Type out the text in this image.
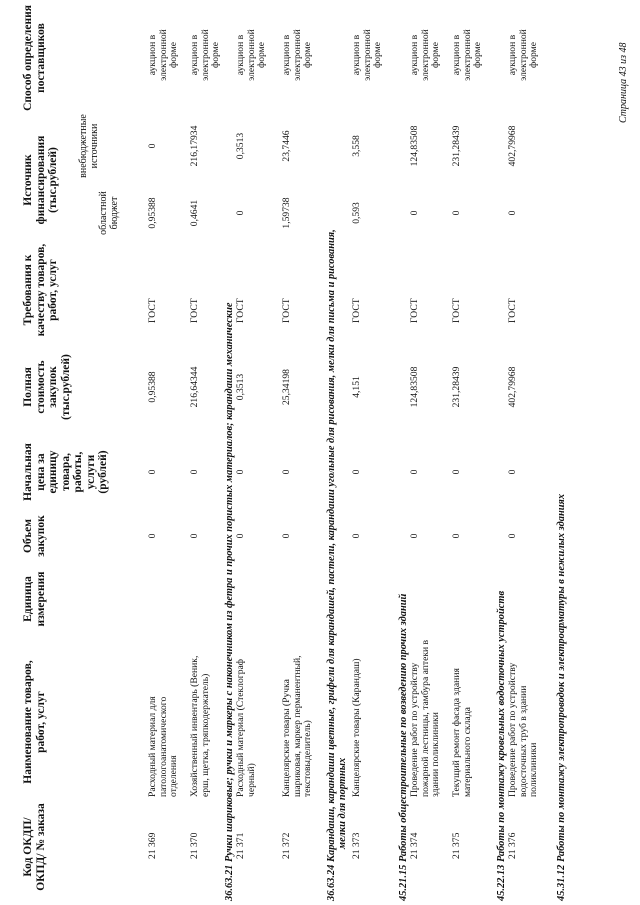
Код ОКДП/ ОКПД/ № заказа
Наименование товаров, работ, услуг
Единица измерения
Объем закупок
Начальная цена за единицу товара, работы, услуги (рублей)
Полная стоимость закупок (тыс.рублей)
Требования к качеству товаров, работ, услуг
Источник финансирования (тыс.рублей)
областной бюджет
внебюджетные источники
Способ определения поставщиков
21 369
Расходный материал для патологоанатомического отделения
0
0
0,95388
ГОСТ
0,95388
0
аукцион в электронной форме
21 370
Хозяйственный инвентарь (Веник, ерш, щетка, тряпкодержатель)
0
0
216,64344
ГОСТ
0,4641
216,17934
аукцион в электронной форме
36.63.21 Ручки шариковые; ручки и маркеры с наконечником из фетра и прочих пористых материалов; карандаши механические 21 371
Расходный материал (Стеклограф черный)
0
0
0,3513
ГОСТ
0
0,3513
аукцион в электронной форме
21 372
Канцелярские товары (Ручка шариковая, маркер перманентный, текстовыделитель)
0
0
25,34198
ГОСТ
1,59738
23,7446
аукцион в электронной форме
36.63.24 Карандаши, карандаши цветные, грифели для карандашей, пастели, карандаши угольные для рисования, мелки для письма и рисования, мелки для портных 21 373
Канцелярские товары (Карандаш)
0
0
4,151
ГОСТ
0,593
3,558
аукцион в электронной форме
45.21.15 Работы общестроительные по возведению прочих зданий 21 374
Проведение работ по устройству пожарной лестницы, тамбура аптеки в здании поликлиники
0
0
124,83508
ГОСТ
0
124,83508
аукцион в электронной форме
21 375
Текущий ремонт фасада здания материального склада
0
0
231,28439
ГОСТ
0
231,28439
аукцион в электронной форме
45.22.13 Работы по монтажу кровельных водосточных устройств 21 376
Проведение работ по устройству водосточных труб в здании поликлиники
0
0
402,79968
ГОСТ
0
402,79968
аукцион в электронной форме
45.31.12 Работы по монтажу электропроводок и электроарматуры в нежилых зданиях
Страница 43 из 48
